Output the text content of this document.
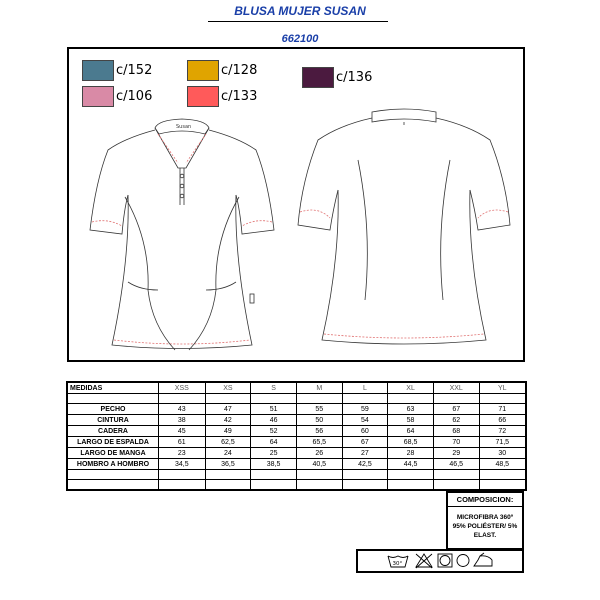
BLUSA MUJER SUSAN
662100
c/152	c/128	c/136
c/106	c/133
Susan
MEDIDAS	XSS	XS	S	M	L	XL	XXL	YL

PECHO	43	47	51	55	59	63	67	71
CINTURA	38	42	46	50	54	58	62	66
CADERA	45	49	52	56	60	64	68	72
LARGO DE ESPALDA	61	62,5	64	65,5	67	68,5	70	71,5
LARGO DE MANGA	23	24	25	26	27	28	29	30
HOMBRO A HOMBRO	34,5	36,5	38,5	40,5	42,5	44,5	46,5	48,5

COMPOSICION:
MICROFIBRA 360º
95% POLIÉSTER/ 5%
ELAST.
30°
